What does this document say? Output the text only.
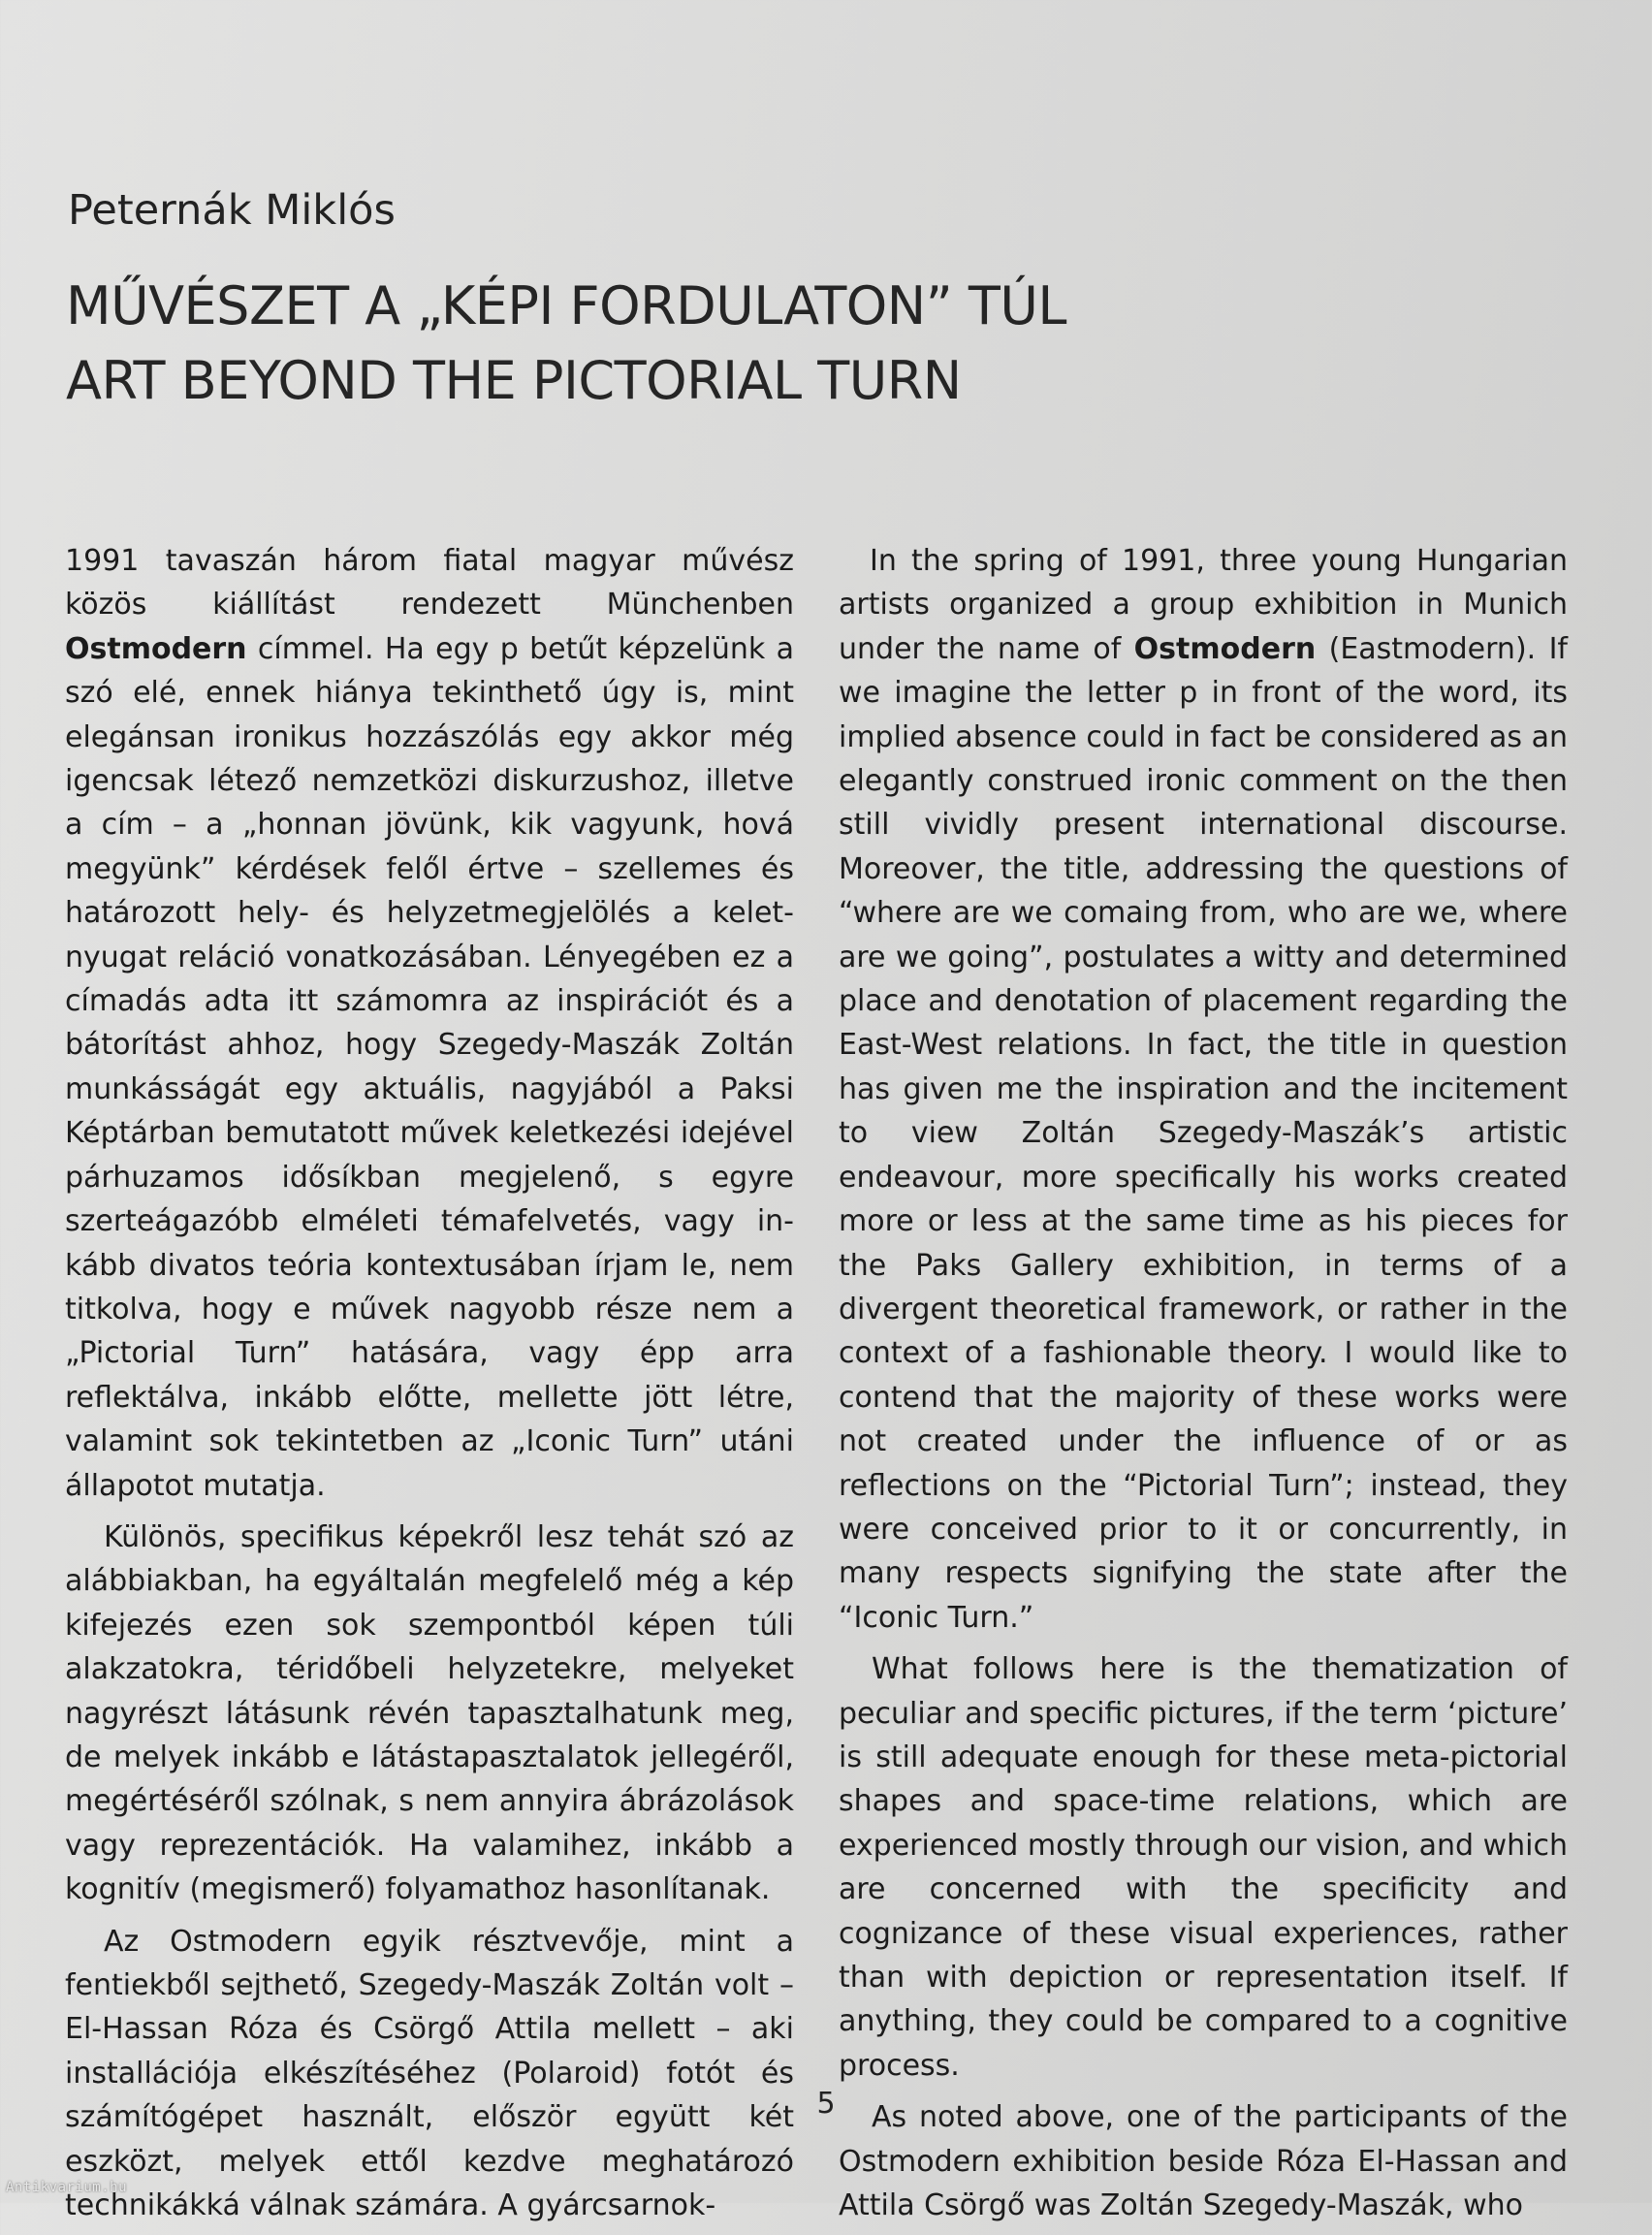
Peternák Miklós
MŰVÉSZET A „KÉPI FORDULATON” TÚL
ART BEYOND THE PICTORIAL TURN

1991 tavaszán három fiatal magyar művész közös kiállítást rendezett Münchenben Ostmodern címmel. Ha egy p betűt képzelünk a szó elé, ennek hiánya tekinthető úgy is, mint elegánsan ironikus hozzászólás egy akkor még igencsak létező nemzetközi diskurzushoz, illetve a cím – a „honnan jövünk, kik vagyunk, hová megyünk” kérdések felől értve – szellemes és határozott hely- és helyzetmegjelölés a kelet-nyugat reláció vonatkozásában. Lényegében ez a címadás adta itt számomra az inspirációt és a bátorítást ahhoz, hogy Szegedy-Maszák Zoltán munkásságát egy aktuális, nagyjából a Paksi Képtárban bemutatott művek keletkezési idejével párhuzamos idősíkban megjelenő, s egyre szerteágazóbb elméleti témafelvetés, vagy inkább divatos teória kontextusában írjam le, nem titkolva, hogy e művek nagyobb része nem a „Pictorial Turn” hatására, vagy épp arra reflektálva, inkább előtte, mellette jött létre, valamint sok tekintetben az „Iconic Turn” utáni állapotot mutatja.

Különös, specifikus képekről lesz tehát szó az alábbiakban, ha egyáltalán megfelelő még a kép kifejezés ezen sok szempontból képen túli alakzatokra, téridőbeli helyzetekre, melyeket nagyrészt látásunk révén tapasztalhatunk meg, de melyek inkább e látástapasztalatok jellegéről, megértéséről szólnak, s nem annyira ábrázolások vagy reprezentációk. Ha valamihez, inkább a kognitív (megismerő) folyamathoz hasonlítanak.

Az Ostmodern egyik résztvevője, mint a fentiekből sejthető, Szegedy-Maszák Zoltán volt – El-Hassan Róza és Csörgő Attila mellett – aki installációja elkészítéséhez (Polaroid) fotót és számítógépet használt, először együtt két eszközt, melyek ettől kezdve meghatározó technikákká válnak számára. A gyárcsarnok-

In the spring of 1991, three young Hungarian artists organized a group exhibition in Munich under the name of Ostmodern (Eastmodern). If we imagine the letter p in front of the word, its implied absence could in fact be considered as an elegantly construed ironic comment on the then still vividly present international discourse. Moreover, the title, addressing the questions of “where are we comaing from, who are we, where are we going”, postulates a witty and determined place and denotation of placement regarding the East-West relations. In fact, the title in question has given me the inspiration and the incitement to view Zoltán Szegedy-Maszák’s artistic endeavour, more specifically his works created more or less at the same time as his pieces for the Paks Gallery exhibition, in terms of a divergent theoretical framework, or rather in the context of a fashionable theory. I would like to contend that the majority of these works were not created under the influence of or as reflections on the “Pictorial Turn”; instead, they were conceived prior to it or concurrently, in many respects signifying the state after the “Iconic Turn.”

What follows here is the thematization of peculiar and specific pictures, if the term ‘picture’ is still adequate enough for these meta-pictorial shapes and space-time relations, which are experienced mostly through our vision, and which are concerned with the specificity and cognizance of these visual experiences, rather than with depiction or representation itself. If anything, they could be compared to a cognitive process.

As noted above, one of the participants of the Ostmodern exhibition beside Róza El-Hassan and Attila Csörgő was Zoltán Szegedy-Maszák, who

5
Antikvarium.hu
